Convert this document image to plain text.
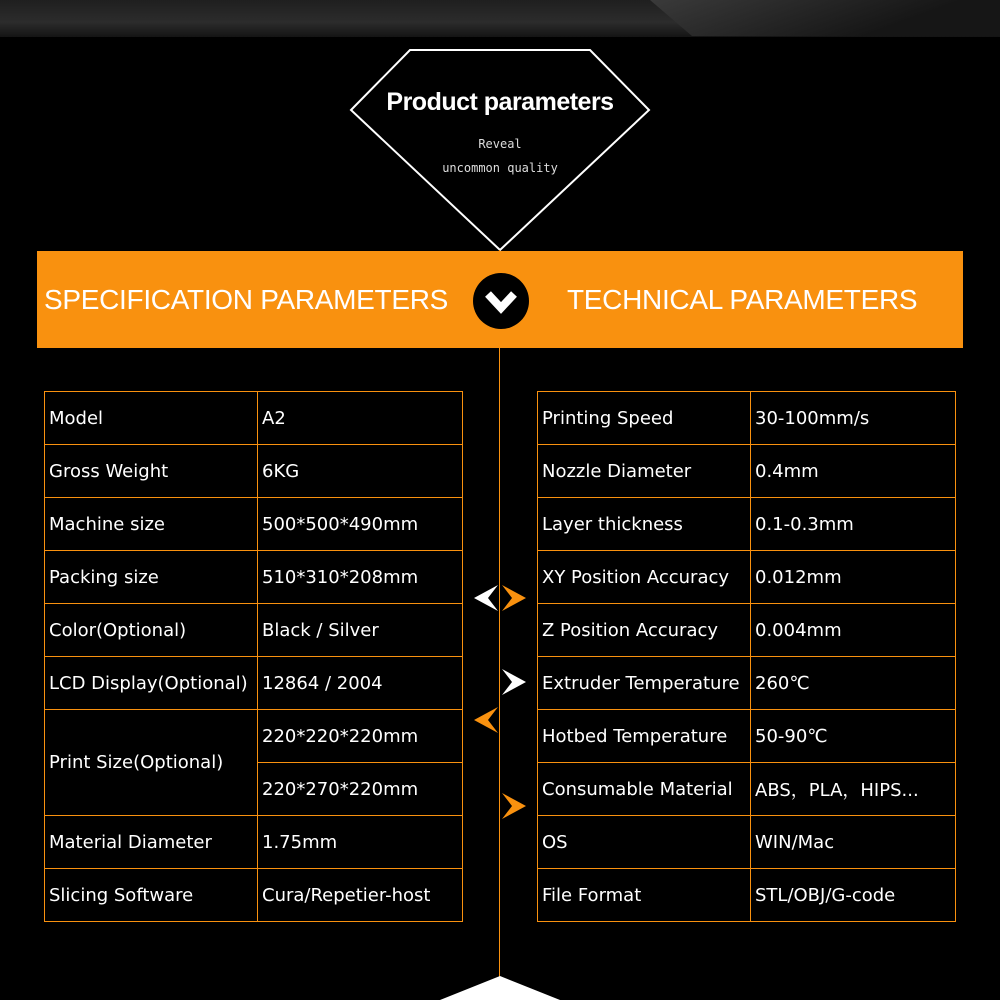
Product parameters
Reveal
uncommon quality
SPECIFICATION PARAMETERS	TECHNICAL PARAMETERS
Model	A2
Gross Weight	6KG
Machine size	500*500*490mm
Packing size	510*310*208mm
Color(Optional)	Black / Silver
LCD Display(Optional)	12864 / 2004
Print Size(Optional)	220*220*220mm
	220*270*220mm
Material Diameter	1.75mm
Slicing Software	Cura/Repetier-host
Printing Speed	30-100mm/s
Nozzle Diameter	0.4mm
Layer thickness	0.1-0.3mm
XY Position Accuracy	0.012mm
Z Position Accuracy	0.004mm
Extruder Temperature	260℃
Hotbed Temperature	50-90℃
Consumable Material	ABS，PLA，HIPS...
OS	WIN/Mac
File Format	STL/OBJ/G-code
